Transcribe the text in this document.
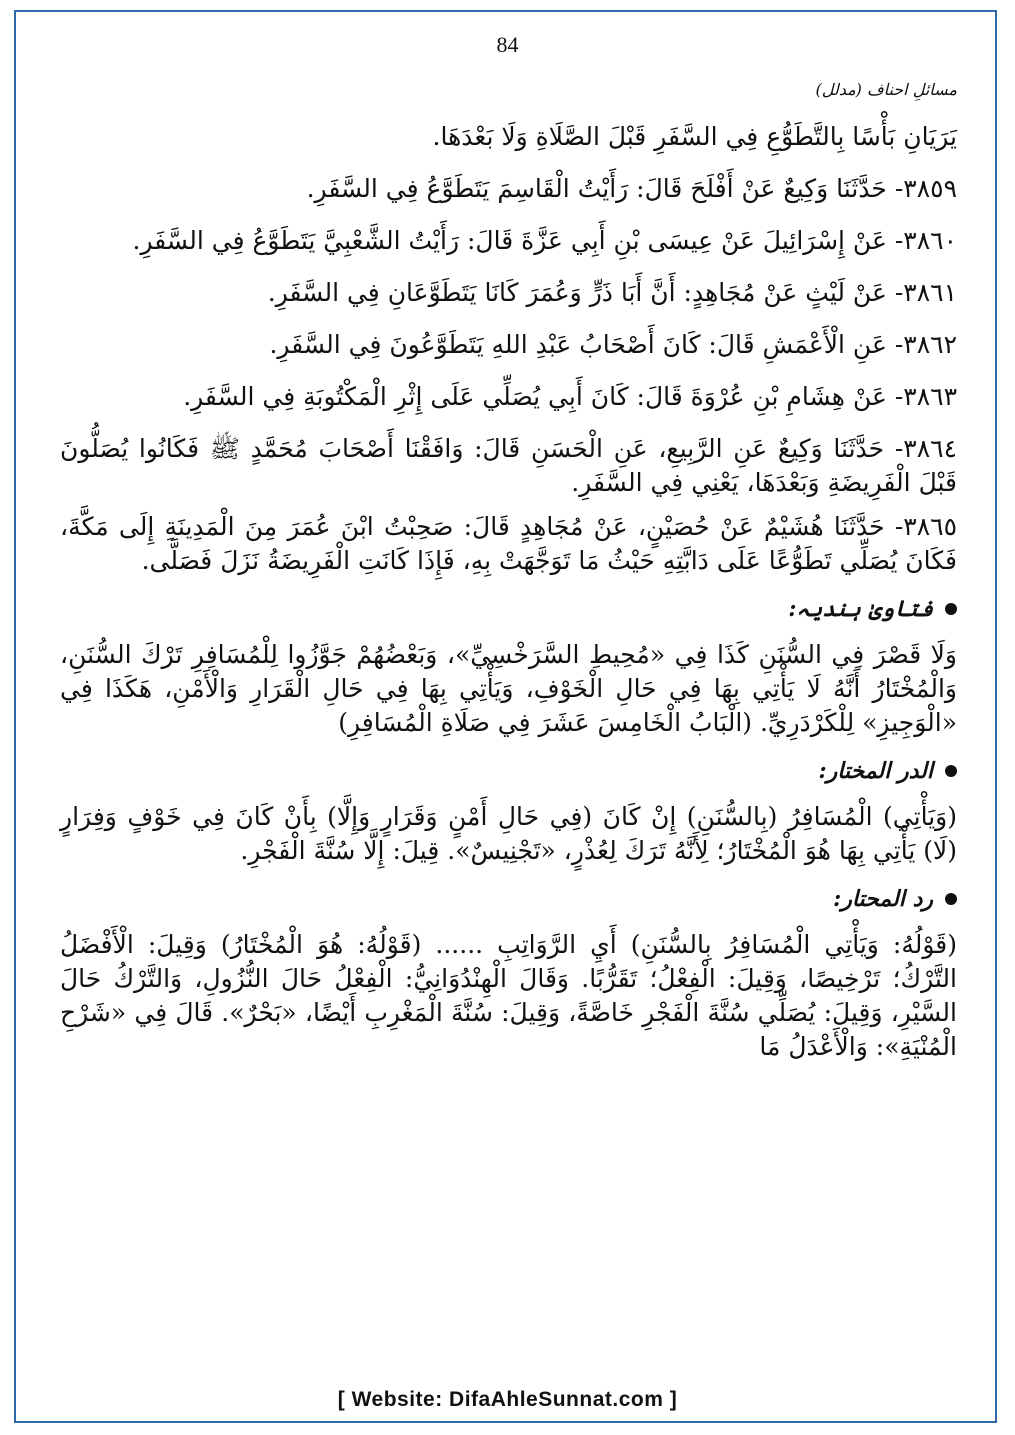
84
مسائلِ احناف (مدلل)

يَرَيَانِ بَأْسًا بِالتَّطَوُّعِ فِي السَّفَرِ قَبْلَ الصَّلَاةِ وَلَا بَعْدَهَا.

٣٨٥٩- حَدَّثَنَا وَكِيعٌ عَنْ أَفْلَحَ قَالَ: رَأَيْتُ الْقَاسِمَ يَتَطَوَّعُ فِي السَّفَرِ.

٣٨٦٠- عَنْ إِسْرَائِيلَ عَنْ عِيسَى بْنِ أَبِي عَزَّةَ قَالَ: رَأَيْتُ الشَّعْبِيَّ يَتَطَوَّعُ فِي السَّفَرِ.

٣٨٦١- عَنْ لَيْثٍ عَنْ مُجَاهِدٍ: أَنَّ أَبَا ذَرٍّ وَعُمَرَ كَانَا يَتَطَوَّعَانِ فِي السَّفَرِ.

٣٨٦٢- عَنِ الْأَعْمَشِ قَالَ: كَانَ أَصْحَابُ عَبْدِ اللهِ يَتَطَوَّعُونَ فِي السَّفَرِ.

٣٨٦٣- عَنْ هِشَامِ بْنِ عُرْوَةَ قَالَ: كَانَ أَبِي يُصَلِّي عَلَى إِثْرِ الْمَكْتُوبَةِ فِي السَّفَرِ.

٣٨٦٤- حَدَّثَنَا وَكِيعٌ عَنِ الرَّبِيعِ، عَنِ الْحَسَنِ قَالَ: وَافَقْنَا أَصْحَابَ مُحَمَّدٍ ﷺ فَكَانُوا يُصَلُّونَ قَبْلَ الْفَرِيضَةِ وَبَعْدَهَا، يَعْنِي فِي السَّفَرِ.

٣٨٦٥- حَدَّثَنَا هُشَيْمٌ عَنْ حُصَيْنٍ، عَنْ مُجَاهِدٍ قَالَ: صَحِبْتُ ابْنَ عُمَرَ مِنَ الْمَدِينَةِ إِلَى مَكَّةَ، فَكَانَ يُصَلِّي تَطَوُّعًا عَلَى دَابَّتِهِ حَيْثُ مَا تَوَجَّهَتْ بِهِ، فَإِذَا كَانَتِ الْفَرِيضَةُ نَزَلَ فَصَلَّى.

فتاویٰ ہندیہ:

وَلَا قَصْرَ فِي السُّنَنِ كَذَا فِي «مُحِيطِ السَّرَخْسِيِّ»، وَبَعْضُهُمْ جَوَّزُوا لِلْمُسَافِرِ تَرْكَ السُّنَنِ، وَالْمُخْتَارُ أَنَّهُ لَا يَأْتِي بِهَا فِي حَالِ الْخَوْفِ، وَيَأْتِي بِهَا فِي حَالِ الْقَرَارِ وَالْأَمْنِ، هَكَذَا فِي «الْوَجِيزِ» لِلْكَرْدَرِيِّ. (الْبَابُ الْخَامِسَ عَشَرَ فِي صَلَاةِ الْمُسَافِرِ)

الدر المختار:

(وَيَأْتِي) الْمُسَافِرُ (بِالسُّنَنِ) إِنْ كَانَ (فِي حَالِ أَمْنٍ وَقَرَارٍ وَإِلَّا) بِأَنْ كَانَ فِي خَوْفٍ وَفِرَارٍ (لَا) يَأْتِي بِهَا هُوَ الْمُخْتَارُ؛ لِأَنَّهُ تَرَكَ لِعُذْرٍ، «تَجْنِيسٌ». قِيلَ: إِلَّا سُنَّةَ الْفَجْرِ.

رد المحتار:

(قَوْلُهُ: وَيَأْتِي الْمُسَافِرُ بِالسُّنَنِ) أَيِ الرَّوَاتِبِ ...... (قَوْلُهُ: هُوَ الْمُخْتَارُ) وَقِيلَ: الْأَفْضَلُ التَّرْكُ؛ تَرْخِيصًا، وَقِيلَ: الْفِعْلُ؛ تَقَرُّبًا. وَقَالَ الْهِنْدُوَانِيُّ: الْفِعْلُ حَالَ النُّزُولِ، وَالتَّرْكُ حَالَ السَّيْرِ، وَقِيلَ: يُصَلِّي سُنَّةَ الْفَجْرِ خَاصَّةً، وَقِيلَ: سُنَّةَ الْمَغْرِبِ أَيْضًا، «بَحْرٌ». قَالَ فِي «شَرْحِ الْمُنْيَةِ»: وَالْأَعْدَلُ مَا

[ Website: DifaAhleSunnat.com ]
